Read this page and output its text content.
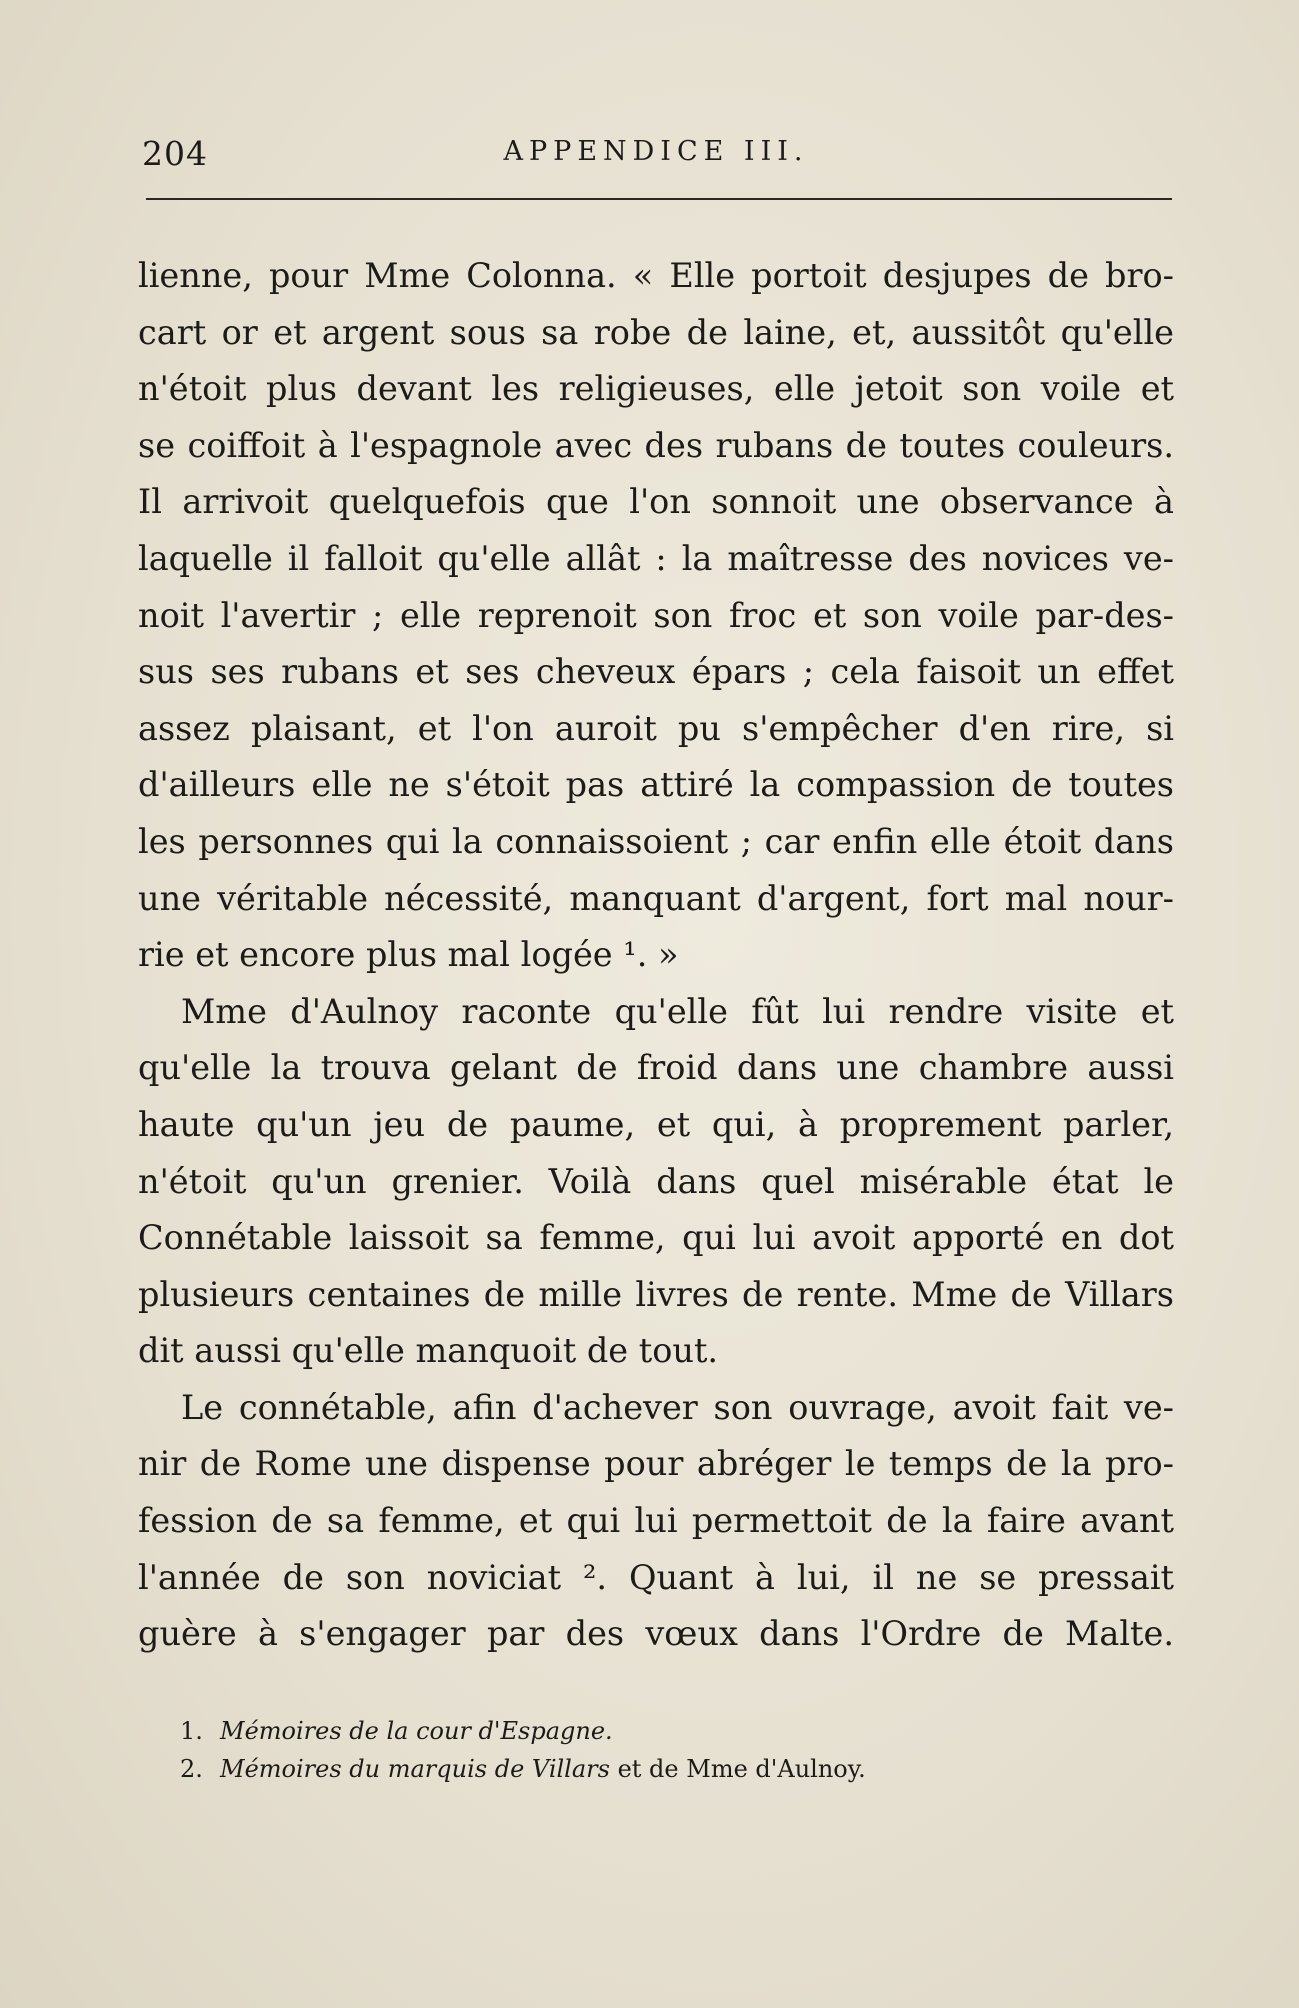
204	APPENDICE III.
lienne, pour Mme Colonna. « Elle portoit desjupes de bro-
cart or et argent sous sa robe de laine, et, aussitôt qu'elle
n'étoit plus devant les religieuses, elle jetoit son voile et
se coiffoit à l'espagnole avec des rubans de toutes couleurs.
Il arrivoit quelquefois que l'on sonnoit une observance à
laquelle il falloit qu'elle allât : la maîtresse des novices ve-
noit l'avertir ; elle reprenoit son froc et son voile par-des-
sus ses rubans et ses cheveux épars ; cela faisoit un effet
assez plaisant, et l'on auroit pu s'empêcher d'en rire, si
d'ailleurs elle ne s'étoit pas attiré la compassion de toutes
les personnes qui la connaissoient ; car enfin elle étoit dans
une véritable nécessité, manquant d'argent, fort mal nour-
rie et encore plus mal logée ¹. »
Mme d'Aulnoy raconte qu'elle fût lui rendre visite et
qu'elle la trouva gelant de froid dans une chambre aussi
haute qu'un jeu de paume, et qui, à proprement parler,
n'étoit qu'un grenier. Voilà dans quel misérable état le
Connétable laissoit sa femme, qui lui avoit apporté en dot
plusieurs centaines de mille livres de rente. Mme de Villars
dit aussi qu'elle manquoit de tout.
Le connétable, afin d'achever son ouvrage, avoit fait ve-
nir de Rome une dispense pour abréger le temps de la pro-
fession de sa femme, et qui lui permettoit de la faire avant
l'année de son noviciat ². Quant à lui, il ne se pressait
guère à s'engager par des vœux dans l'Ordre de Malte.
1. Mémoires de la cour d'Espagne.
2. Mémoires du marquis de Villars et de Mme d'Aulnoy.
